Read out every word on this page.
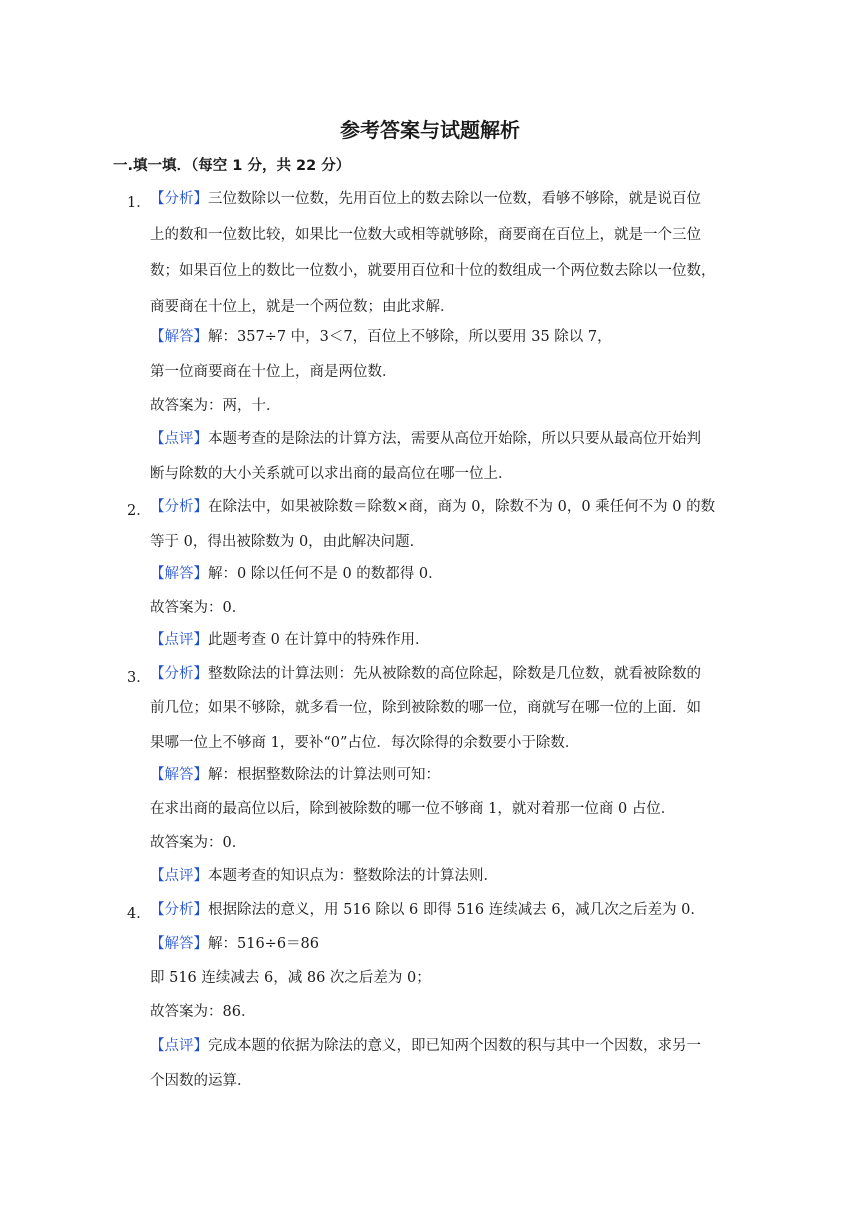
参考答案与试题解析
一.填一填．（每空 1 分，共 22 分）
1． 【分析】三位数除以一位数，先用百位上的数去除以一位数，看够不够除，就是说百位
上的数和一位数比较，如果比一位数大或相等就够除，商要商在百位上，就是一个三位
数；如果百位上的数比一位数小，就要用百位和十位的数组成一个两位数去除以一位数，
商要商在十位上，就是一个两位数；由此求解．
【解答】解：357÷7 中，3＜7，百位上不够除，所以要用 35 除以 7，
第一位商要商在十位上，商是两位数．
故答案为：两，十．
【点评】本题考查的是除法的计算方法，需要从高位开始除，所以只要从最高位开始判
断与除数的大小关系就可以求出商的最高位在哪一位上．
2． 【分析】在除法中，如果被除数＝除数×商，商为 0，除数不为 0，0 乘任何不为 0 的数
等于 0，得出被除数为 0，由此解决问题．
【解答】解：0 除以任何不是 0 的数都得 0．
故答案为：0．
【点评】此题考查 0 在计算中的特殊作用．
3． 【分析】整数除法的计算法则：先从被除数的高位除起，除数是几位数，就看被除数的
前几位；如果不够除，就多看一位，除到被除数的哪一位，商就写在哪一位的上面．如
果哪一位上不够商 1，要补“0”占位．每次除得的余数要小于除数．
【解答】解：根据整数除法的计算法则可知：
在求出商的最高位以后，除到被除数的哪一位不够商 1，就对着那一位商 0 占位．
故答案为：0．
【点评】本题考查的知识点为：整数除法的计算法则．
4． 【分析】根据除法的意义，用 516 除以 6 即得 516 连续减去 6，减几次之后差为 0．
【解答】解：516÷6＝86
即 516 连续减去 6，减 86 次之后差为 0；
故答案为：86．
【点评】完成本题的依据为除法的意义，即已知两个因数的积与其中一个因数，求另一
个因数的运算．
